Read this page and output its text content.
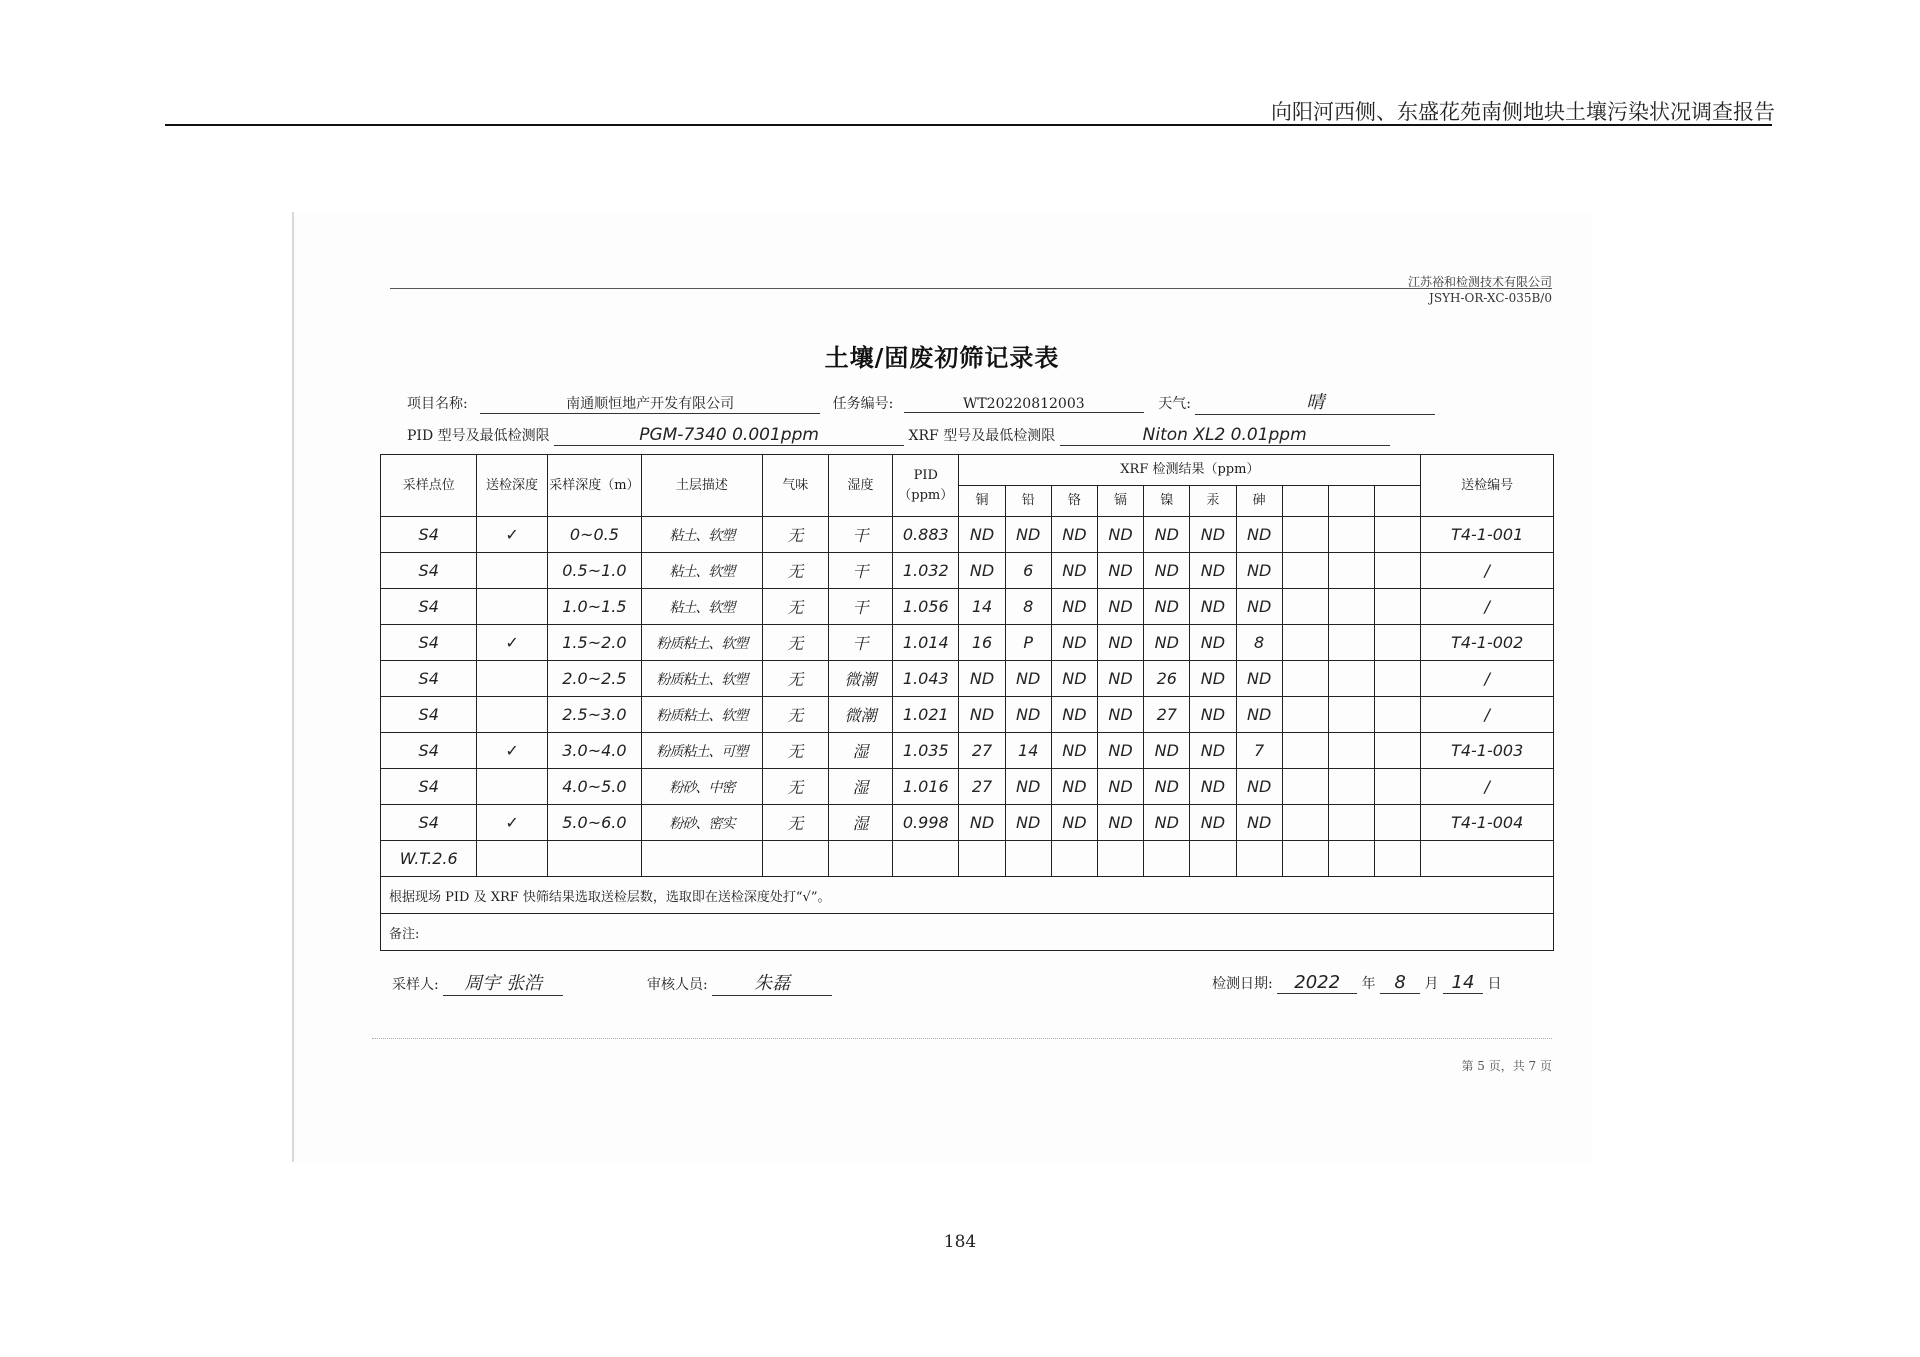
向阳河西侧、东盛花苑南侧地块土壤污染状况调查报告
江苏裕和检测技术有限公司
JSYH-OR-XC-035B/0
土壤/固废初筛记录表
项目名称:	南通顺恒地产开发有限公司	任务编号:	WT20220812003	天气:	晴
PID 型号及最低检测限	PGM-7340 0.001ppm	XRF 型号及最低检测限	Niton XL2 0.01ppm
采样点位	送检深度	采样深度（m）	土层描述	气味	湿度	PID（ppm）	XRF 检测结果（ppm）										送检编号
							铜	铅	铬	镉	镍	汞	砷				
S4	✓	0~0.5	粘土、软塑	无	干	0.883	ND	ND	ND	ND	ND	ND	ND				T4-1-001
S4		0.5~1.0	粘土、软塑	无	干	1.032	ND	6	ND	ND	ND	ND	ND				/
S4		1.0~1.5	粘土、软塑	无	干	1.056	14	8	ND	ND	ND	ND	ND				/
S4	✓	1.5~2.0	粉质粘土、软塑	无	干	1.014	16	P	ND	ND	ND	ND	8				T4-1-002
S4		2.0~2.5	粉质粘土、软塑	无	微潮	1.043	ND	ND	ND	ND	26	ND	ND				/
S4		2.5~3.0	粉质粘土、软塑	无	微潮	1.021	ND	ND	ND	ND	27	ND	ND				/
S4	✓	3.0~4.0	粉质粘土、可塑	无	湿	1.035	27	14	ND	ND	ND	ND	7				T4-1-003
S4		4.0~5.0	粉砂、中密	无	湿	1.016	27	ND	ND	ND	ND	ND	ND				/
S4	✓	5.0~6.0	粉砂、密实	无	湿	0.998	ND	ND	ND	ND	ND	ND	ND				T4-1-004
W.T.2.6																	
根据现场 PID 及 XRF 快筛结果选取送检层数，选取即在送检深度处打“√”。																	
备注:																	
采样人: 周宇 张浩	审核人员:	朱磊	检测日期: 2022 年 8 月 14 日
第 5 页，共 7 页
184
